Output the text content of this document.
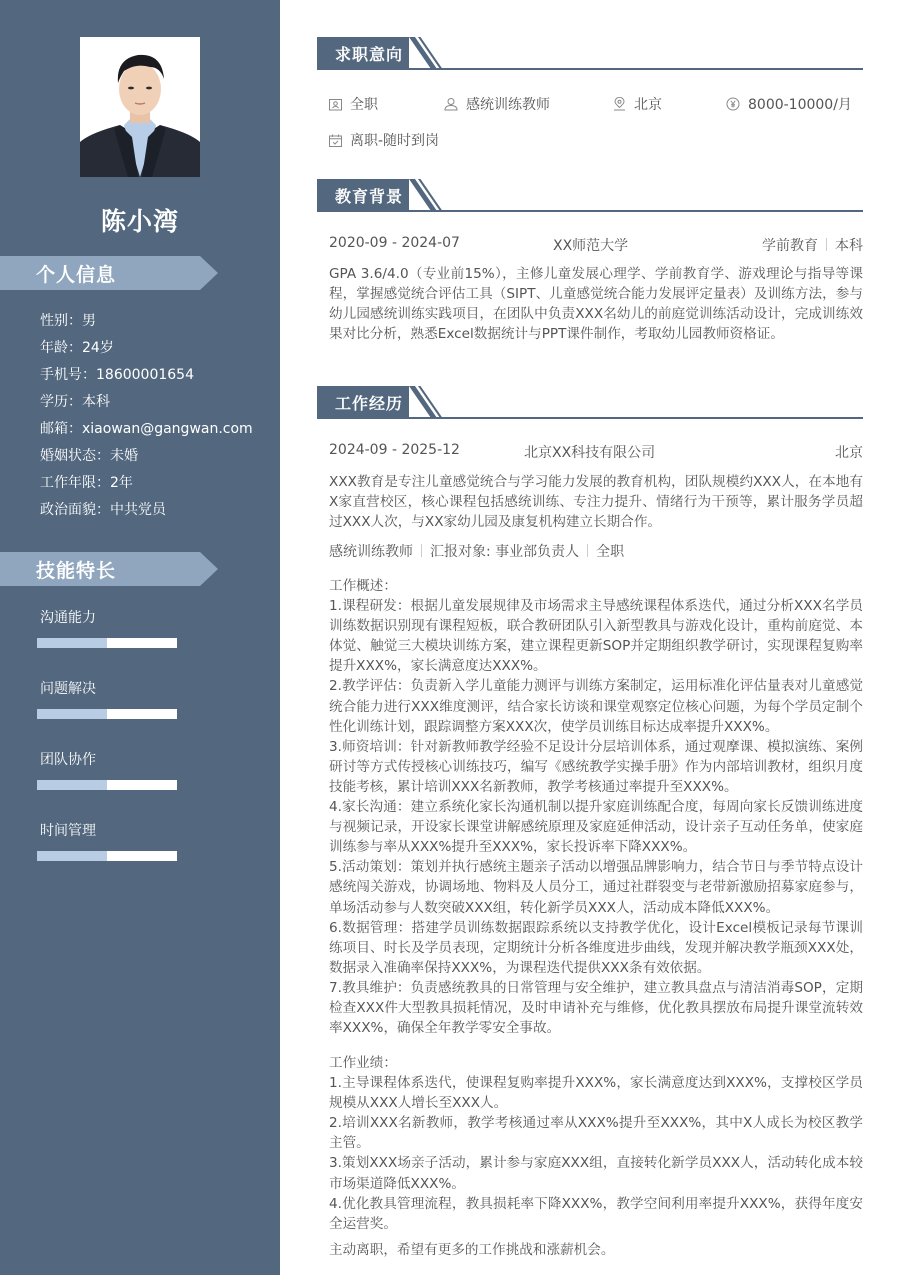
陈小湾
个人信息
性别：男
年龄：24岁
手机号：18600001654
学历：本科
邮箱：xiaowan@gangwan.com
婚姻状态：未婚
工作年限：2年
政治面貌：中共党员
技能特长
沟通能力
问题解决
团队协作
时间管理
求职意向
全职	感统训练教师	北京	8000-10000/月
离职-随时到岗
教育背景
2020-09 - 2024-07	XX师范大学	学前教育 本科

GPA 3.6/4.0（专业前15%），主修儿童发展心理学、学前教育学、游戏理论与指导等课程，掌握感觉统合评估工具（SIPT、儿童感觉统合能力发展评定量表）及训练方法，参与幼儿园感统训练实践项目，在团队中负责XXX名幼儿的前庭觉训练活动设计，完成训练效果对比分析，熟悉Excel数据统计与PPT课件制作，考取幼儿园教师资格证。

工作经历
2024-09 - 2025-12	北京XX科技有限公司	北京

XXX教育是专注儿童感觉统合与学习能力发展的教育机构，团队规模约XXX人，在本地有X家直营校区，核心课程包括感统训练、专注力提升、情绪行为干预等，累计服务学员超过XXX人次，与XX家幼儿园及康复机构建立长期合作。

感统训练教师 汇报对象: 事业部负责人 全职

工作概述：

1.课程研发：根据儿童发展规律及市场需求主导感统课程体系迭代，通过分析XXX名学员训练数据识别现有课程短板，联合教研团队引入新型教具与游戏化设计，重构前庭觉、本体觉、触觉三大模块训练方案，建立课程更新SOP并定期组织教学研讨，实现课程复购率提升XXX%，家长满意度达XXX%。

2.教学评估：负责新入学儿童能力测评与训练方案制定，运用标准化评估量表对儿童感觉统合能力进行XXX维度测评，结合家长访谈和课堂观察定位核心问题，为每个学员定制个性化训练计划，跟踪调整方案XXX次，使学员训练目标达成率提升XXX%。

3.师资培训：针对新教师教学经验不足设计分层培训体系，通过观摩课、模拟演练、案例研讨等方式传授核心训练技巧，编写《感统教学实操手册》作为内部培训教材，组织月度技能考核，累计培训XXX名新教师，教学考核通过率提升至XXX%。

4.家长沟通：建立系统化家长沟通机制以提升家庭训练配合度，每周向家长反馈训练进度与视频记录，开设家长课堂讲解感统原理及家庭延伸活动，设计亲子互动任务单，使家庭训练参与率从XXX%提升至XXX%，家长投诉率下降XXX%。

5.活动策划：策划并执行感统主题亲子活动以增强品牌影响力，结合节日与季节特点设计感统闯关游戏，协调场地、物料及人员分工，通过社群裂变与老带新激励招募家庭参与，单场活动参与人数突破XXX组，转化新学员XXX人，活动成本降低XXX%。

6.数据管理：搭建学员训练数据跟踪系统以支持教学优化，设计Excel模板记录每节课训练项目、时长及学员表现，定期统计分析各维度进步曲线，发现并解决教学瓶颈XXX处，数据录入准确率保持XXX%，为课程迭代提供XXX条有效依据。

7.教具维护：负责感统教具的日常管理与安全维护，建立教具盘点与清洁消毒SOP，定期检查XXX件大型教具损耗情况，及时申请补充与维修，优化教具摆放布局提升课堂流转效率XXX%，确保全年教学零安全事故。

工作业绩：

1.主导课程体系迭代，使课程复购率提升XXX%，家长满意度达到XXX%，支撑校区学员规模从XXX人增长至XXX人。

2.培训XXX名新教师，教学考核通过率从XXX%提升至XXX%，其中X人成长为校区教学主管。

3.策划XXX场亲子活动，累计参与家庭XXX组，直接转化新学员XXX人，活动转化成本较市场渠道降低XXX%。

4.优化教具管理流程，教具损耗率下降XXX%，教学空间利用率提升XXX%，获得年度安全运营奖。

主动离职，希望有更多的工作挑战和涨薪机会。
